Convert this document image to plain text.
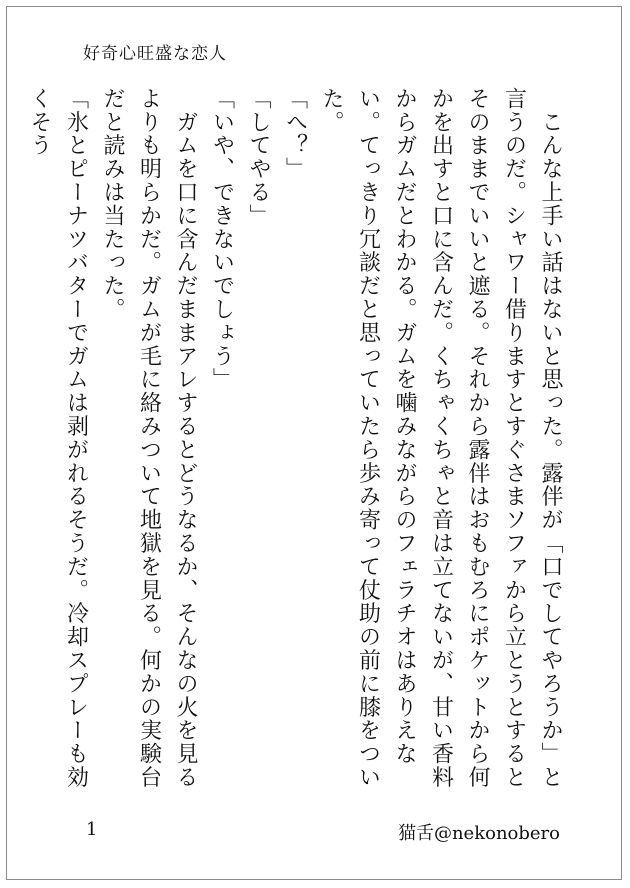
好奇心旺盛な恋人

　こんな上手い話はないと思った。露伴が「口でしてやろうか」と言うのだ。シャワー借りますとすぐさまソファから立とうとするとそのままでいいと遮る。それから露伴はおもむろにポケットから何かを出すと口に含んだ。くちゃくちゃと音は立てないが、甘い香料からガムだとわかる。ガムを噛みながらのフェラチオはありえない。てっきり冗談だと思っていたら歩み寄って仗助の前に膝をついた。

「へ？」

「してやる」

「いや、できないでしょう」

　ガムを口に含んだままアレするとどうなるか、そんなの火を見るよりも明らかだ。ガムが毛に絡みついて地獄を見る。何かの実験台だと読みは当たった。

「氷とピーナツバターでガムは剥がれるそうだ。冷却スプレーも効くそう

1	猫舌@nekonobero
